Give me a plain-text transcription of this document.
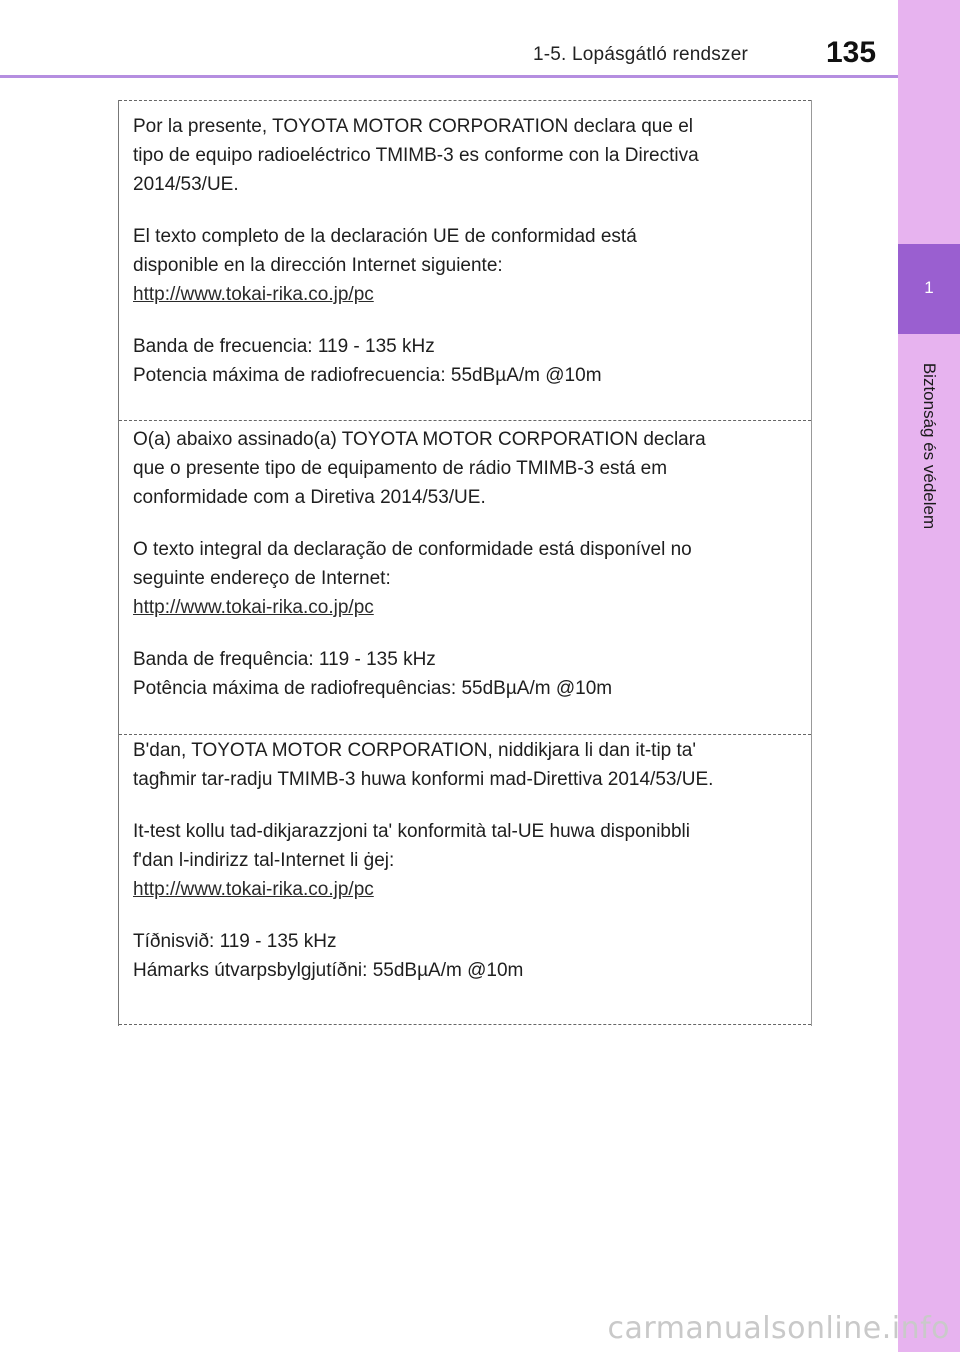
1-5. Lopásgátló rendszer	135
1
Biztonság és védelem

Por la presente, TOYOTA MOTOR CORPORATION declara que el

tipo de equipo radioeléctrico TMIMB-3 es conforme con la Directiva

2014/53/UE.

El texto completo de la declaración UE de conformidad está

disponible en la dirección Internet siguiente:

http://www.tokai-rika.co.jp/pc

Banda de frecuencia: 119 - 135 kHz

Potencia máxima de radiofrecuencia: 55dBµA/m @10m

O(a) abaixo assinado(a) TOYOTA MOTOR CORPORATION declara

que o presente tipo de equipamento de rádio TMIMB-3 está em

conformidade com a Diretiva 2014/53/UE.

O texto integral da declaração de conformidade está disponível no

seguinte endereço de Internet:

http://www.tokai-rika.co.jp/pc

Banda de frequência: 119 - 135 kHz

Potência máxima de radiofrequências: 55dBµA/m @10m

B'dan, TOYOTA MOTOR CORPORATION, niddikjara li dan it-tip ta'

tagħmir tar-radju TMIMB-3 huwa konformi mad-Direttiva 2014/53/UE.

It-test kollu tad-dikjarazzjoni ta' konformità tal-UE huwa disponibbli

f'dan l-indirizz tal-Internet li ġej:

http://www.tokai-rika.co.jp/pc

Tíðnisvið: 119 - 135 kHz

Hámarks útvarpsbylgjutíðni: 55dBµA/m @10m

carmanualsonline.info
